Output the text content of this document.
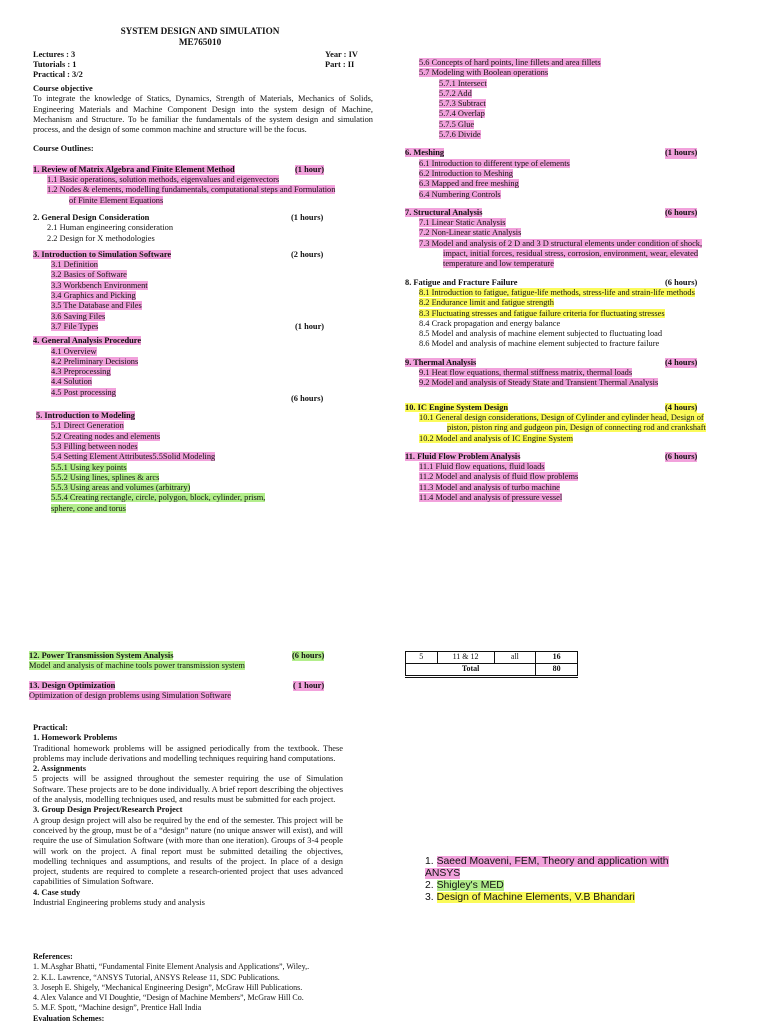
SYSTEM DESIGN AND SIMULATION
ME765010
Lectures : 3	Year : IV
Tutorials : 1	Part : II
Practical : 3/2
Course objective
To integrate the knowledge of Statics, Dynamics, Strength of Materials, Mechanics of Solids, Engineering Materials and Machine Component Design into the system design of Machine, Mechanism and Structure. To be familiar the fundamentals of the system design and simulation process, and the design of some common machine and structure will be the focus.
Course Outlines:
1. Review of Matrix Algebra and Finite Element Method	(1 hour)
1.1 Basic operations, solution methods, eigenvalues and eigenvectors
1.2 Nodes & elements, modelling fundamentals, computational steps and Formulation
of Finite Element Equations
2. General Design Consideration	(1 hours)
2.1 Human engineering consideration
2.2 Design for X methodologies
3. Introduction to Simulation Software	(2 hours)
3.1 Definition
3.2 Basics of Software
3.3 Workbench Environment
3.4 Graphics and Picking
3.5 The Database and Files
3.6 Saving Files
3.7 File Types	(1 hour)
4. General Analysis Procedure
4.1 Overview
4.2 Preliminary Decisions
4.3 Preprocessing
4.4 Solution
4.5 Post processing
(6 hours)
5. Introduction to Modeling
5.1 Direct Generation
5.2 Creating nodes and elements
5.3 Filling between nodes
5.4 Setting Element Attributes5.5Solid Modeling
5.5.1 Using key points
5.5.2 Using lines, splines & arcs
5.5.3 Using areas and volumes (arbitrary)
5.5.4 Creating rectangle, circle, polygon, block, cylinder, prism,
sphere, cone and torus
5.6 Concepts of hard points, line fillets and area fillets
5.7 Modeling with Boolean operations
5.7.1 Intersect
5.7.2 Add
5.7.3 Subtract
5.7.4 Overlap
5.7.5 Glue
5.7.6 Divide
6. Meshing	(1 hours)
6.1 Introduction to different type of elements
6.2 Introduction to Meshing
6.3 Mapped and free meshing
6.4 Numbering Controls
7. Structural Analysis	(6 hours)
7.1 Linear Static Analysis
7.2 Non-Linear static Analysis
7.3 Model and analysis of 2 D and 3 D structural elements under condition of shock,
impact, initial forces, residual stress, corrosion, environment, wear, elevated
temperature and low temperature
8. Fatigue and Fracture Failure	(6 hours)
8.1 Introduction to fatigue, fatigue-life methods, stress-life and strain-life methods
8.2 Endurance limit and fatigue strength
8.3 Fluctuating stresses and fatigue failure criteria for fluctuating stresses
8.4 Crack propagation and energy balance
8.5 Model and analysis of machine element subjected to fluctuating load
8.6 Model and analysis of machine element subjected to fracture failure
9. Thermal Analysis	(4 hours)
9.1 Heat flow equations, thermal stiffness matrix, thermal loads
9.2 Model and analysis of Steady State and Transient Thermal Analysis
10. IC Engine System Design	(4 hours)
10.1 General design considerations, Design of Cylinder and cylinder head, Design of
piston, piston ring and gudgeon pin, Design of connecting rod and crankshaft
10.2 Model and analysis of IC Engine System
11. Fluid Flow Problem Analysis	(6 hours)
11.1 Fluid flow equations, fluid loads
11.2 Model and analysis of fluid flow problems
11.3 Model and analysis of turbo machine
11.4 Model and analysis of pressure vessel
12. Power Transmission System Analysis	(6 hours)
Model and analysis of machine tools power transmission system
13. Design Optimization	( 1 hour)
Optimization of design problems using Simulation Software
5	11 & 12	all	16
Total			80
Practical:
1. Homework Problems
Traditional homework problems will be assigned periodically from the textbook. These problems may include derivations and modelling techniques requiring hand computations.
2. Assignments
5 projects will be assigned throughout the semester requiring the use of Simulation Software. These projects are to be done individually. A brief report describing the objectives of the analysis, modelling techniques used, and results must be submitted for each project.
3. Group Design Project/Research Project
A group design project will also be required by the end of the semester. This project will be conceived by the group, must be of a “design” nature (no unique answer will exist), and will require the use of Simulation Software (with more than one iteration). Groups of 3-4 people will work on the project. A final report must be submitted detailing the objectives, modelling techniques and assumptions, and results of the project. In place of a design project, students are required to complete a research-oriented project that uses advanced capabilities of Simulation Software.
4. Case study
Industrial Engineering problems study and analysis
References:
1. M.Asghar Bhatti, “Fundamental Finite Element Analysis and Applications”, Wiley,.
2. K.L. Lawrence, “ANSYS Tutorial, ANSYS Release 11, SDC Publications.
3. Joseph E. Shigely, “Mechanical Engineering Design”, McGraw Hill Publications.
4. Alex Valance and VI Doughtie, “Design of Machine Members”, McGraw Hill Co.
5. M.F. Spott, “Machine design”, Prentice Hall India
Evaluation Schemes:
1. Saeed Moaveni, FEM, Theory and application with
ANSYS
2. Shigley's MED
3. Design of Machine Elements, V.B Bhandari
